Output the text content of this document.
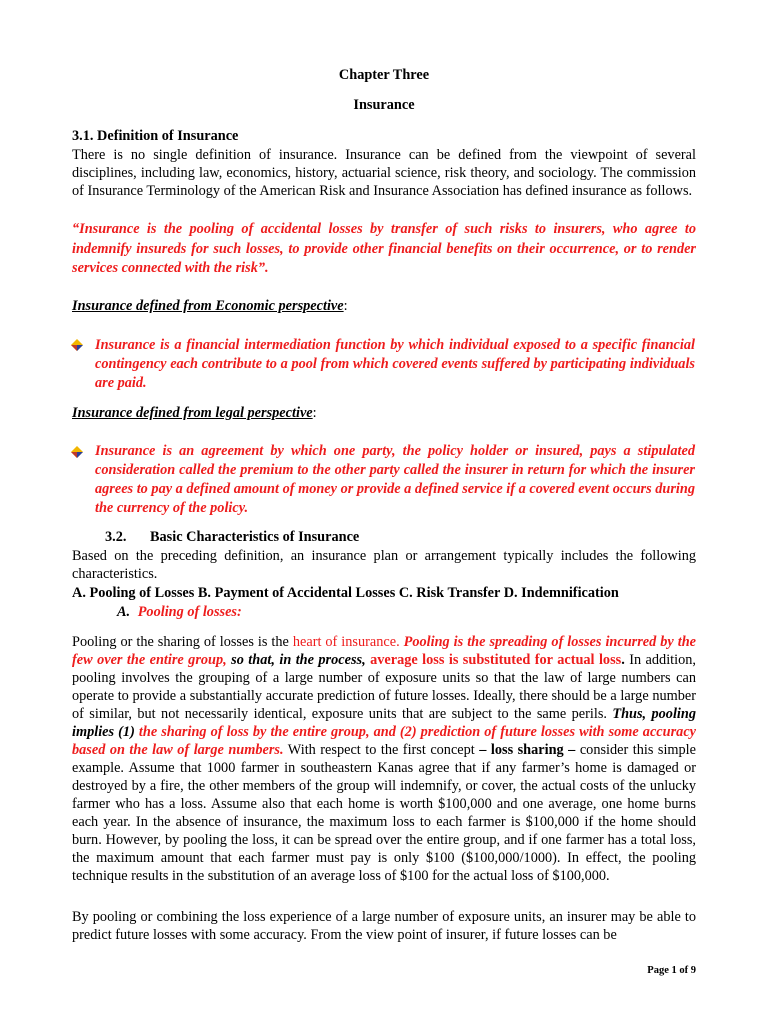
Chapter Three
Insurance
3.1. Definition of Insurance

There is no single definition of insurance. Insurance can be defined from the viewpoint of several disciplines, including law, economics, history, actuarial science, risk theory, and sociology. The commission of Insurance Terminology of the American Risk and Insurance Association has defined insurance as follows.

“Insurance is the pooling of accidental losses by transfer of such risks to insurers, who agree to indemnify insureds for such losses, to provide other financial benefits on their occurrence, or to render services connected with the risk”.

Insurance defined from Economic perspective:

Insurance is a financial intermediation function by which individual exposed to a specific financial contingency each contribute to a pool from which covered events suffered by participating individuals are paid.

Insurance defined from legal perspective:

Insurance is an agreement by which one party, the policy holder or insured, pays a stipulated consideration called the premium to the other party called the insurer in return for which the insurer agrees to pay a defined amount of money or provide a defined service if a covered event occurs during the currency of the policy.

3.2. Basic Characteristics of Insurance

Based on the preceding definition, an insurance plan or arrangement typically includes the following characteristics.

A. Pooling of Losses B. Payment of Accidental Losses C. Risk Transfer D. Indemnification
A. Pooling of losses:

Pooling or the sharing of losses is the heart of insurance. Pooling is the spreading of losses incurred by the few over the entire group, so that, in the process, average loss is substituted for actual loss. In addition, pooling involves the grouping of a large number of exposure units so that the law of large numbers can operate to provide a substantially accurate prediction of future losses. Ideally, there should be a large number of similar, but not necessarily identical, exposure units that are subject to the same perils. Thus, pooling implies (1) the sharing of loss by the entire group, and (2) prediction of future losses with some accuracy based on the law of large numbers. With respect to the first concept – loss sharing – consider this simple example. Assume that 1000 farmer in southeastern Kanas agree that if any farmer’s home is damaged or destroyed by a fire, the other members of the group will indemnify, or cover, the actual costs of the unlucky farmer who has a loss. Assume also that each home is worth $100,000 and one average, one home burns each year. In the absence of insurance, the maximum loss to each farmer is $100,000 if the home should burn. However, by pooling the loss, it can be spread over the entire group, and if one farmer has a total loss, the maximum amount that each farmer must pay is only $100 ($100,000/1000). In effect, the pooling technique results in the substitution of an average loss of $100 for the actual loss of $100,000.

By pooling or combining the loss experience of a large number of exposure units, an insurer may be able to predict future losses with some accuracy. From the view point of insurer, if future losses can be

Page 1 of 9
